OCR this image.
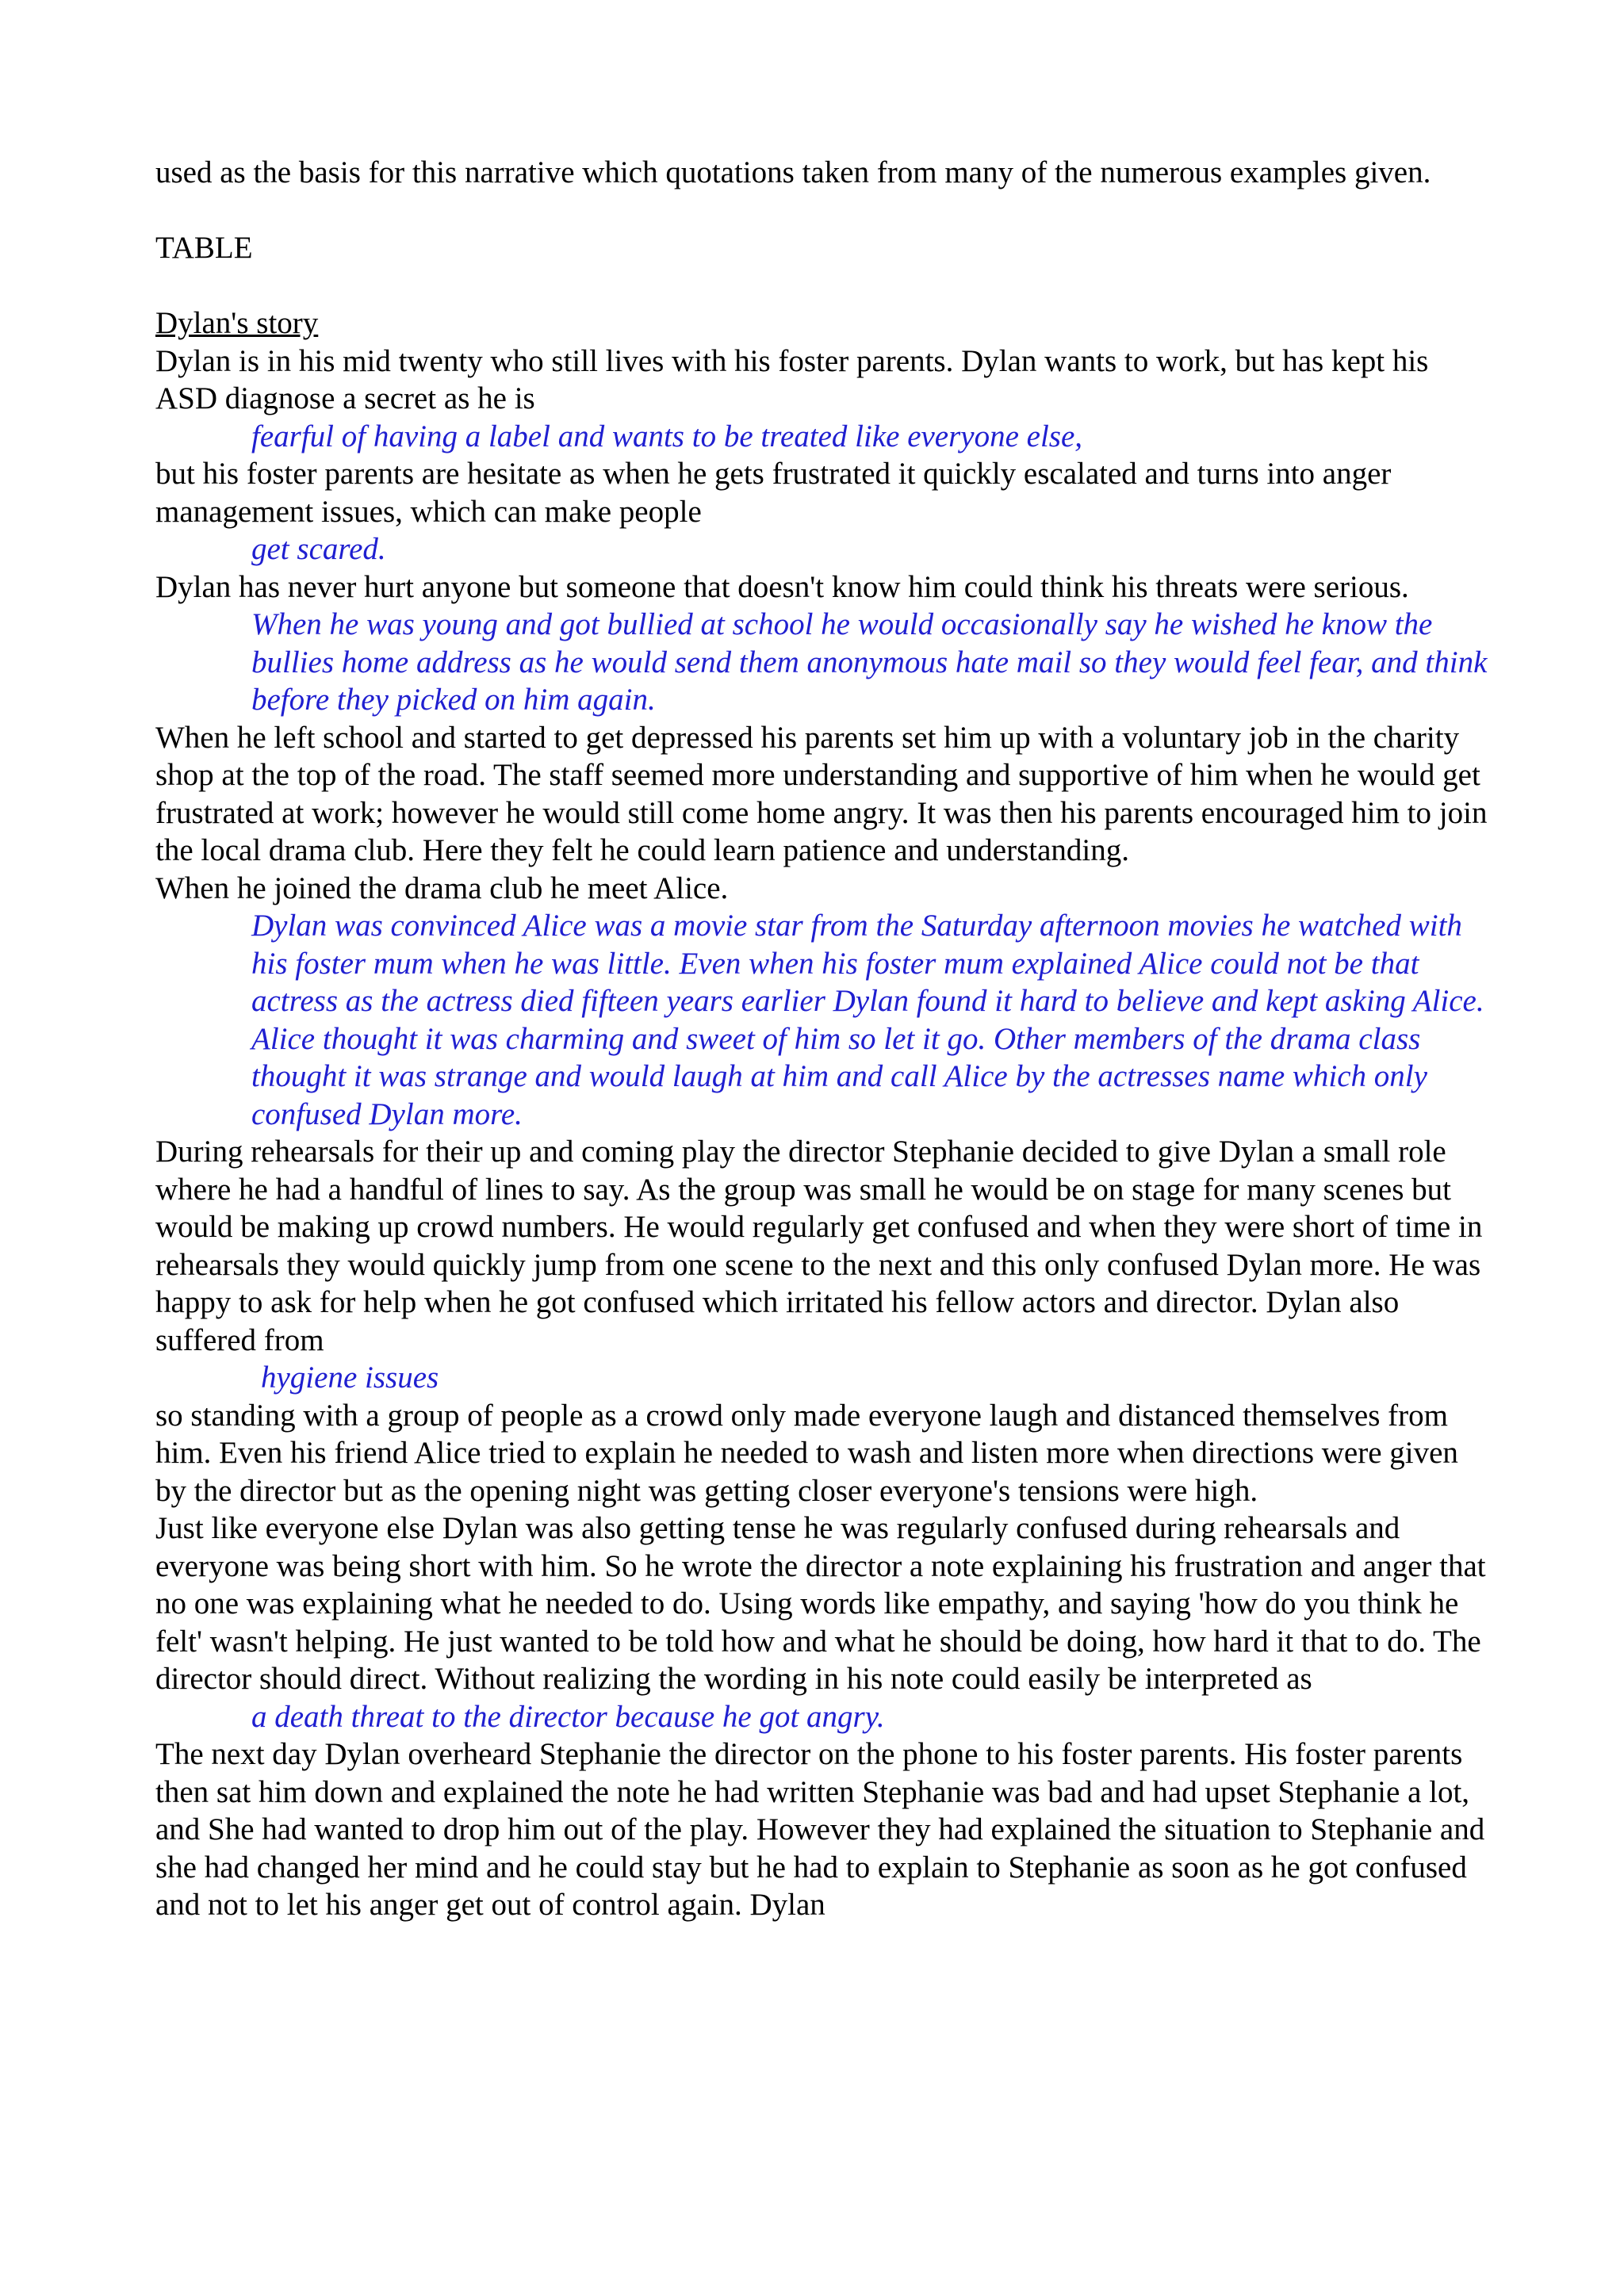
used as the basis for this narrative which quotations taken from many of the numerous examples given.

TABLE

Dylan's story

Dylan is in his mid twenty who still lives with his foster parents. Dylan wants to work, but has kept his ASD diagnose a secret as he is

fearful of having a label and wants to be treated like everyone else,

but his foster parents are hesitate as when he gets frustrated it quickly escalated and turns into anger management issues, which can make people

get scared.

Dylan has never hurt anyone but someone that doesn't know him could think his threats were serious.

When he was young and got bullied at school he would occasionally say he wished he know the bullies home address as he would send them anonymous hate mail so they would feel fear, and think before they picked on him again.

When he left school and started to get depressed his parents set him up with a voluntary job in the charity shop at the top of the road. The staff seemed more understanding and supportive of him when he would get frustrated at work; however he would still come home angry. It was then his parents encouraged him to join the local drama club. Here they felt he could learn patience and understanding.

When he joined the drama club he meet Alice.

Dylan was convinced Alice was a movie star from the Saturday afternoon movies he watched with his foster mum when he was little. Even when his foster mum explained Alice could not be that actress as the actress died fifteen years earlier Dylan found it hard to believe and kept asking Alice. Alice thought it was charming and sweet of him so let it go. Other members of the drama class thought it was strange and would laugh at him and call Alice by the actresses name which only confused Dylan more.

During rehearsals for their up and coming play the director Stephanie decided to give Dylan a small role where he had a handful of lines to say. As the group was small he would be on stage for many scenes but would be making up crowd numbers. He would regularly get confused and when they were short of time in rehearsals they would quickly jump from one scene to the next and this only confused Dylan more. He was happy to ask for help when he got confused which irritated his fellow actors and director. Dylan also suffered from

hygiene issues

so standing with a group of people as a crowd only made everyone laugh and distanced themselves from him. Even his friend Alice tried to explain he needed to wash and listen more when directions were given by the director but as the opening night was getting closer everyone's tensions were high.

Just like everyone else Dylan was also getting tense he was regularly confused during rehearsals and everyone was being short with him. So he wrote the director a note explaining his frustration and anger that no one was explaining what he needed to do. Using words like empathy, and saying 'how do you think he felt' wasn't helping. He just wanted to be told how and what he should be doing, how hard it that to do. The director should direct. Without realizing the wording in his note could easily be interpreted as

a death threat to the director because he got angry.

The next day Dylan overheard Stephanie the director on the phone to his foster parents. His foster parents then sat him down and explained the note he had written Stephanie was bad and had upset Stephanie a lot, and She had wanted to drop him out of the play. However they had explained the situation to Stephanie and she had changed her mind and he could stay but he had to explain to Stephanie as soon as he got confused and not to let his anger get out of control again. Dylan
